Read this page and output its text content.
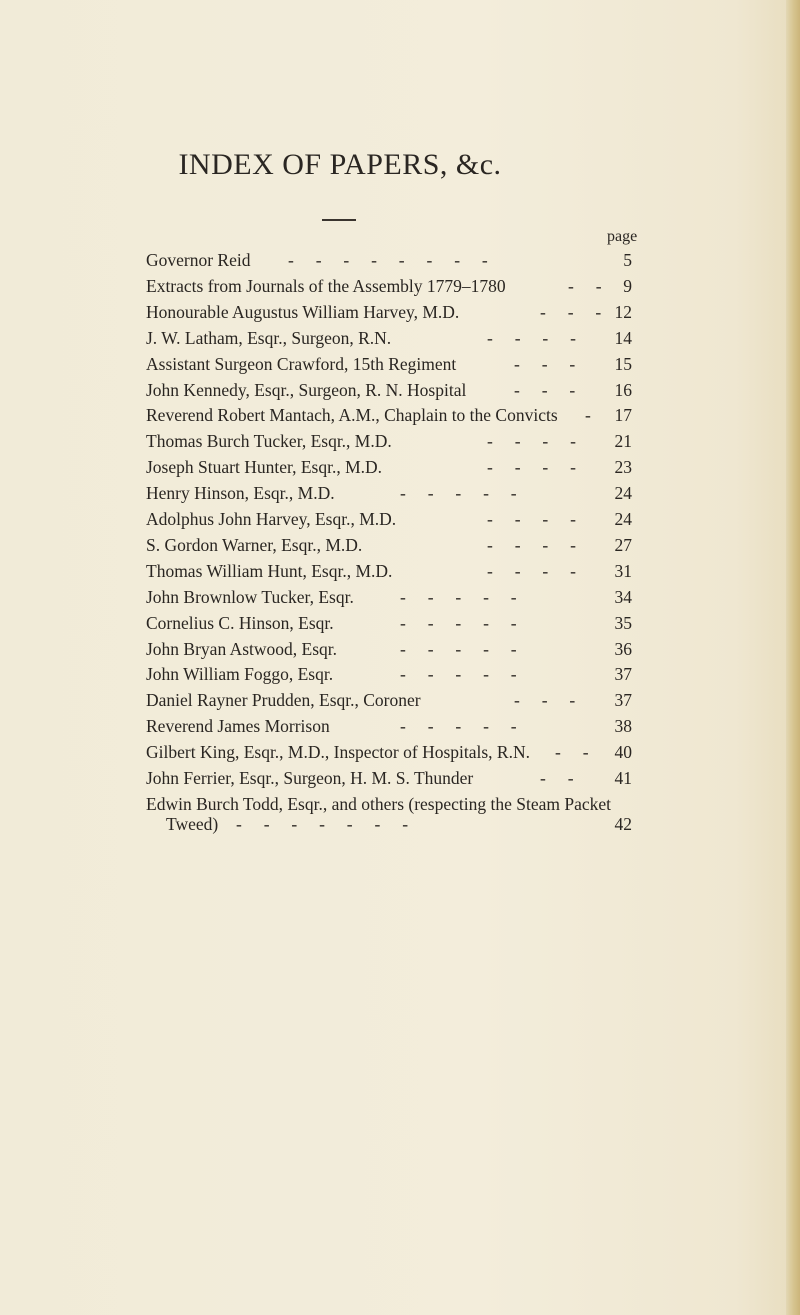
INDEX OF PAPERS, &c.
page
Governor Reid -     -     -     -     -     -     -     -	5
Extracts from Journals of the Assembly 1779–1780	-     -	9
Honourable Augustus William Harvey, M.D.	-     -     - 12
J. W. Latham, Esqr., Surgeon, R.N.	-     -     -     -	14
Assistant Surgeon Crawford, 15th Regiment	-     -     -	15
John Kennedy, Esqr., Surgeon, R. N. Hospital	-     -     -	16
Reverend Robert Mantach, A.M., Chaplain to the Convicts -	17
Thomas Burch Tucker, Esqr., M.D.	-     -     -     -	21
Joseph Stuart Hunter, Esqr., M.D.	-     -     -     -	23
Henry Hinson, Esqr., M.D.	-     -     -     -     -	24
Adolphus John Harvey, Esqr., M.D.	-     -     -     -	24
S. Gordon Warner, Esqr., M.D.	-     -     -     -	27
Thomas William Hunt, Esqr., M.D.	-     -     -     -	31
John Brownlow Tucker, Esqr.	-     -     -     -     -	34
Cornelius C. Hinson, Esqr.	-     -     -     -     -	35
John Bryan Astwood, Esqr.	-     -     -     -     -	36
John William Foggo, Esqr.	-     -     -     -     -	37
Daniel Rayner Prudden, Esqr., Coroner	-     -     -	37
Reverend James Morrison	-     -     -     -     -	38
Gilbert King, Esqr., M.D., Inspector of Hospitals, R.N. -     -	40
John Ferrier, Esqr., Surgeon, H. M. S. Thunder	-     -	41
Edwin Burch Todd, Esqr., and others (respecting the Steam Packet
Tweed) -     -     -     -     -     -     -	42
